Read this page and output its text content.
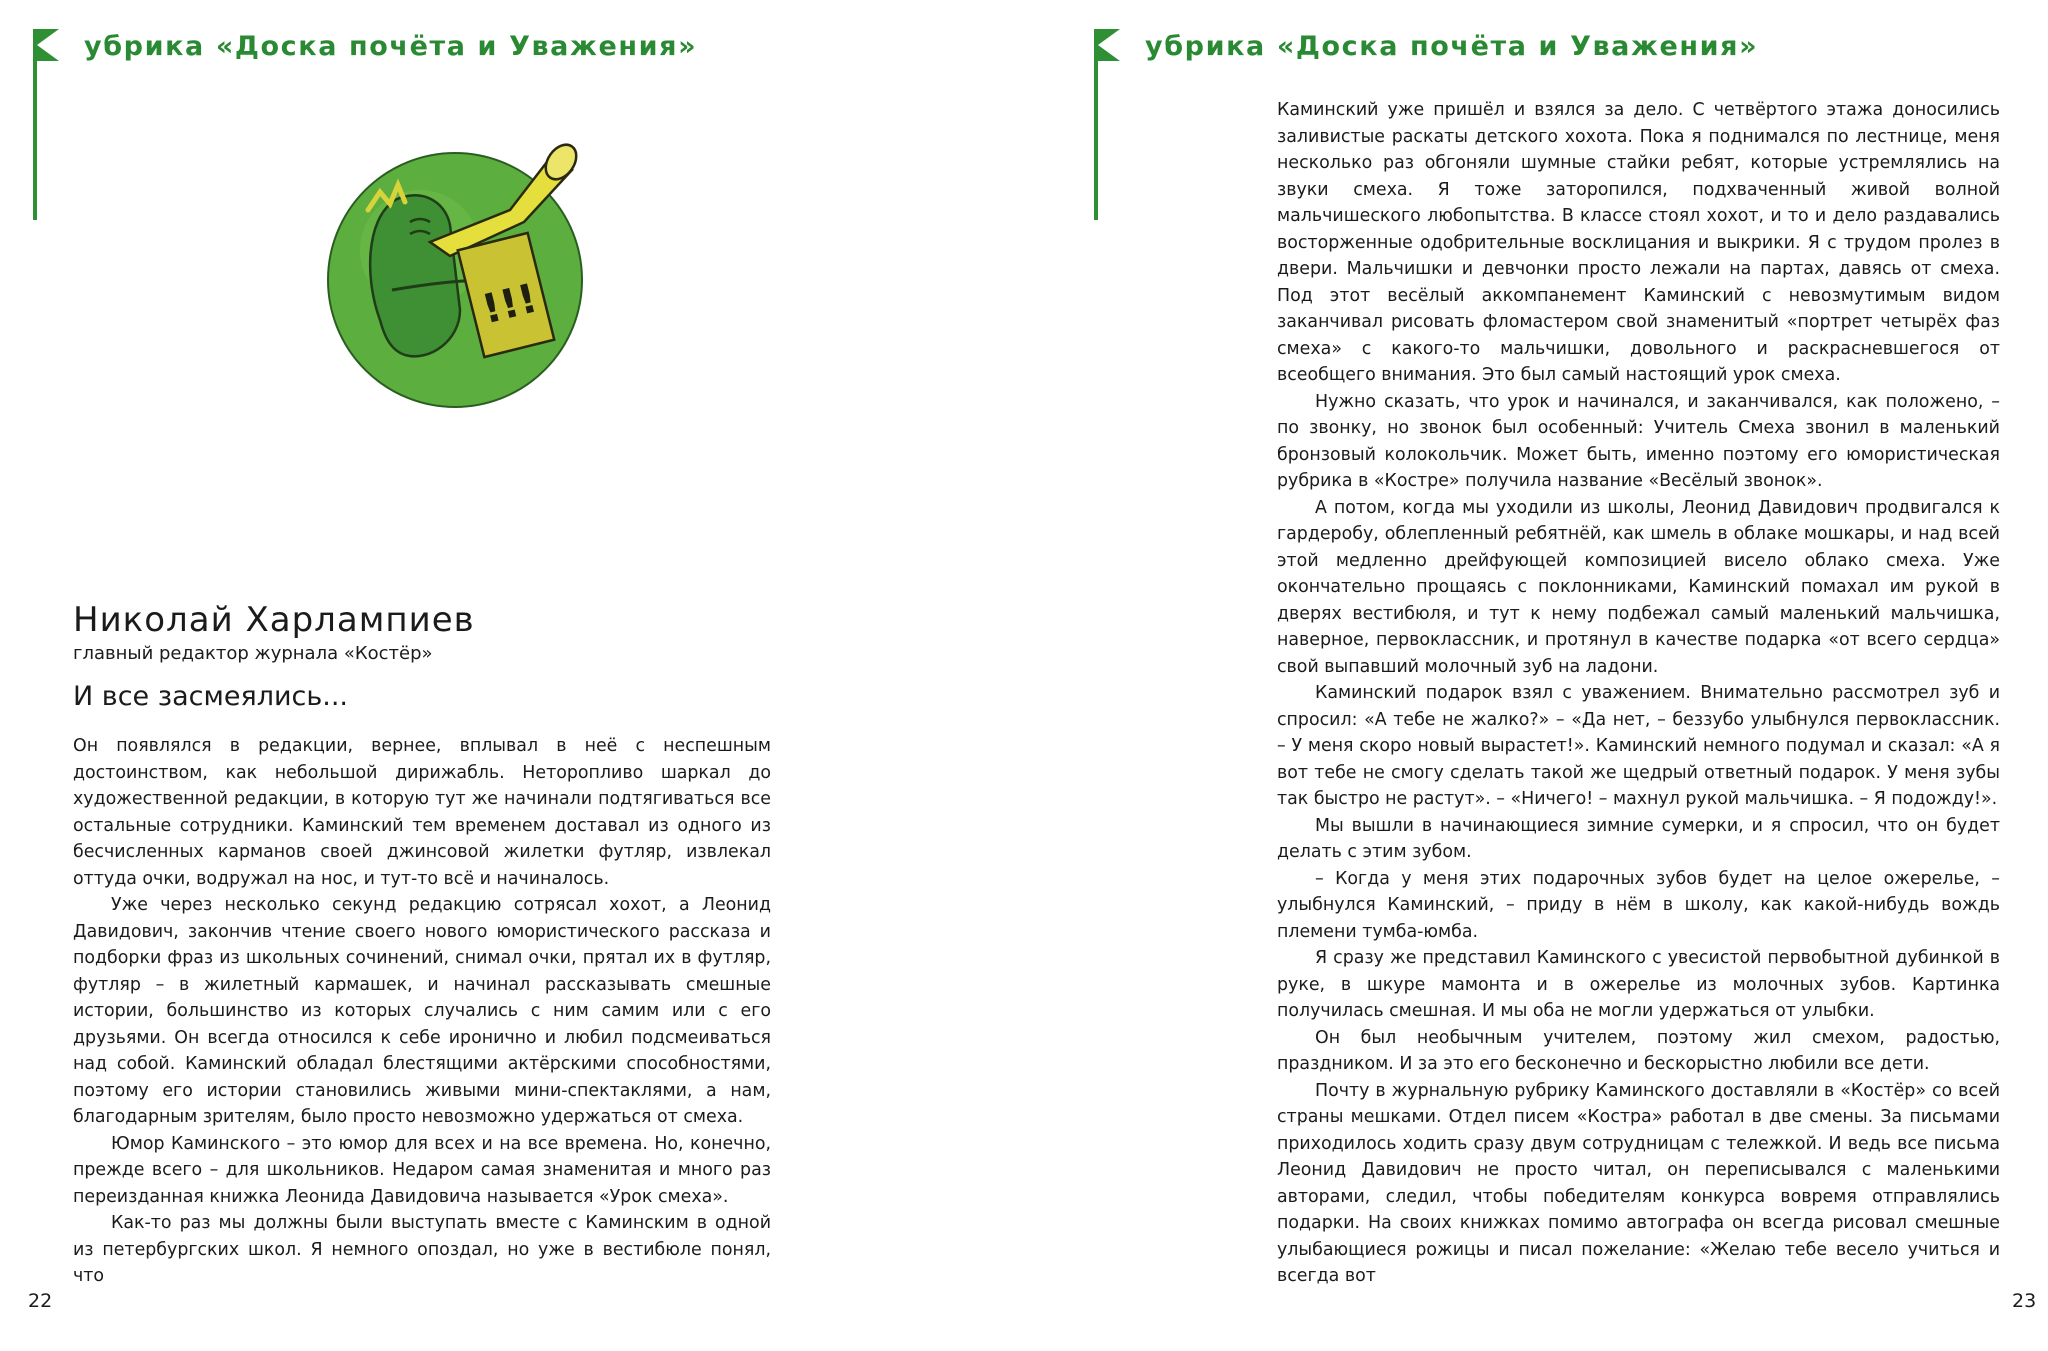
убрика «Доска почёта и Уважения»
!!!
Николай Харлампиев

главный редактор журнала «Костёр»

И все засмеялись...

Он появлялся в редакции, вернее, вплывал в неё с неспешным достоинством, как небольшой дирижабль. Неторопливо шаркал до художественной редакции, в которую тут же начинали подтягиваться все остальные сотрудники. Каминский тем временем доставал из одного из бесчисленных карманов своей джинсовой жилетки футляр, извлекал оттуда очки, водружал на нос, и тут-то всё и начиналось.

Уже через несколько секунд редакцию сотрясал хохот, а Леонид Давидович, закончив чтение своего нового юмористического рассказа и подборки фраз из школьных сочинений, снимал очки, прятал их в футляр, футляр – в жилетный кармашек, и начинал рассказывать смешные истории, большинство из которых случались с ним самим или с его друзьями. Он всегда относился к себе иронично и любил подсмеиваться над собой. Каминский обладал блестящими актёрскими способностями, поэтому его истории становились живыми мини-спектаклями, а нам, благодарным зрителям, было просто невозможно удержаться от смеха.

Юмор Каминского – это юмор для всех и на все времена. Но, конечно, прежде всего – для школьников. Недаром самая знаменитая и много раз переизданная книжка Леонида Давидовича называется «Урок смеха».

Как-то раз мы должны были выступать вместе с Каминским в одной из петербургских школ. Я немного опоздал, но уже в вестибюле понял, что

22

убрика «Доска почёта и Уважения»

Каминский уже пришёл и взялся за дело. С четвёртого этажа доносились заливистые раскаты детского хохота. Пока я поднимался по лестнице, меня несколько раз обгоняли шумные стайки ребят, которые устремлялись на звуки смеха. Я тоже заторопился, подхваченный живой волной мальчишеского любопытства. В классе стоял хохот, и то и дело раздавались восторженные одобрительные восклицания и выкрики. Я с трудом пролез в двери. Мальчишки и девчонки просто лежали на партах, давясь от смеха. Под этот весёлый аккомпанемент Каминский с невозмутимым видом заканчивал рисовать фломастером свой знаменитый «портрет четырёх фаз смеха» с какого-то мальчишки, довольного и раскрасневшегося от всеобщего внимания. Это был самый настоящий урок смеха.

Нужно сказать, что урок и начинался, и заканчивался, как положено, – по звонку, но звонок был особенный: Учитель Смеха звонил в маленький бронзовый колокольчик. Может быть, именно поэтому его юмористическая рубрика в «Костре» получила название «Весёлый звонок».

А потом, когда мы уходили из школы, Леонид Давидович продвигался к гардеробу, облепленный ребятнёй, как шмель в облаке мошкары, и над всей этой медленно дрейфующей композицией висело облако смеха. Уже окончательно прощаясь с поклонниками, Каминский помахал им рукой в дверях вестибюля, и тут к нему подбежал самый маленький мальчишка, наверное, первоклассник, и протянул в качестве подарка «от всего сердца» свой выпавший молочный зуб на ладони.

Каминский подарок взял с уважением. Внимательно рассмотрел зуб и спросил: «А тебе не жалко?» – «Да нет, – беззубо улыбнулся первоклассник. – У меня скоро новый вырастет!». Каминский немного подумал и сказал: «А я вот тебе не смогу сделать такой же щедрый ответный подарок. У меня зубы так быстро не растут». – «Ничего! – махнул рукой мальчишка. – Я подожду!».

Мы вышли в начинающиеся зимние сумерки, и я спросил, что он будет делать с этим зубом.

– Когда у меня этих подарочных зубов будет на целое ожерелье, – улыбнулся Каминский, – приду в нём в школу, как какой-нибудь вождь племени тумба-юмба.

Я сразу же представил Каминского с увесистой первобытной дубинкой в руке, в шкуре мамонта и в ожерелье из молочных зубов. Картинка получилась смешная. И мы оба не могли удержаться от улыбки.

Он был необычным учителем, поэтому жил смехом, радостью, праздником. И за это его бесконечно и бескорыстно любили все дети.

Почту в журнальную рубрику Каминского доставляли в «Костёр» со всей страны мешками. Отдел писем «Костра» работал в две смены. За письмами приходилось ходить сразу двум сотрудницам с тележкой. И ведь все письма Леонид Давидович не просто читал, он переписывался с маленькими авторами, следил, чтобы победителям конкурса вовремя отправлялись подарки. На своих книжках помимо автографа он всегда рисовал смешные улыбающиеся рожицы и писал пожелание: «Желаю тебе весело учиться и всегда вот

23
